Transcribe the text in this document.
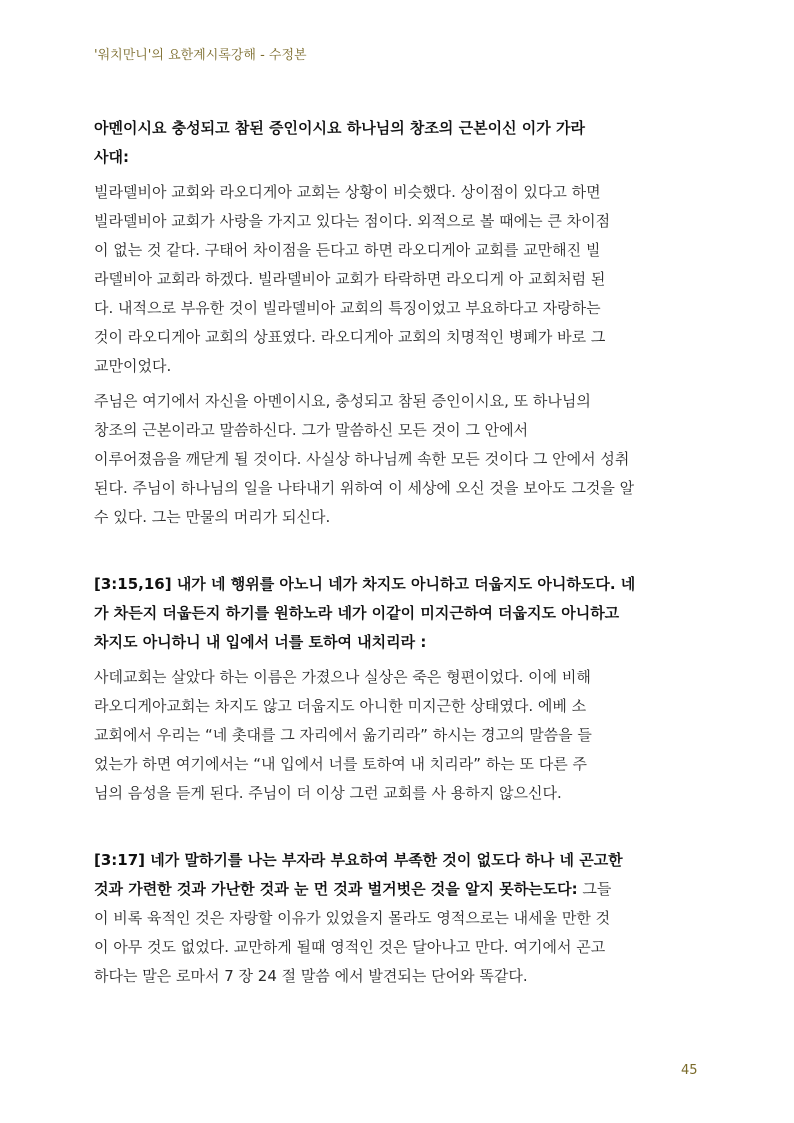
'워치만니'의 요한계시록강해 - 수정본
아멘이시요 충성되고 참된 증인이시요 하나님의 창조의 근본이신 이가 가라
사대:
빌라델비아 교회와 라오디게아 교회는 상황이 비슷했다. 상이점이 있다고 하면
빌라델비아 교회가 사랑을 가지고 있다는 점이다. 외적으로 볼 때에는 큰 차이점
이 없는 것 같다. 구태어 차이점을 든다고 하면 라오디게아 교회를 교만해진 빌
라델비아 교회라 하겠다. 빌라델비아 교회가 타락하면 라오디게 아 교회처럼 된
다. 내적으로 부유한 것이 빌라델비아 교회의 특징이었고 부요하다고 자랑하는
것이 라오디게아 교회의 상표였다. 라오디게아 교회의 치명적인 병폐가 바로 그
교만이었다.
주님은 여기에서 자신을 아멘이시요, 충성되고 참된 증인이시요, 또 하나님의
창조의 근본이라고 말씀하신다. 그가 말씀하신 모든 것이 그 안에서
이루어졌음을 깨닫게 될 것이다. 사실상 하나님께 속한 모든 것이다 그 안에서 성취
된다. 주님이 하나님의 일을 나타내기 위하여 이 세상에 오신 것을 보아도 그것을 알
수 있다. 그는 만물의 머리가 되신다.
[3:15,16] 내가 네 행위를 아노니 네가 차지도 아니하고 더웁지도 아니하도다. 네
가 차든지 더웁든지 하기를 원하노라 네가 이같이 미지근하여 더웁지도 아니하고
차지도 아니하니 내 입에서 너를 토하여 내치리라 :
사데교회는 살았다 하는 이름은 가졌으나 실상은 죽은 형편이었다. 이에 비해
라오디게아교회는 차지도 않고 더웁지도 아니한 미지근한 상태였다. 에베 소
교회에서 우리는 “네 촛대를 그 자리에서 옮기리라” 하시는 경고의 말씀을 들
었는가 하면 여기에서는 “내 입에서 너를 토하여 내 치리라” 하는 또 다른 주
님의 음성을 듣게 된다. 주님이 더 이상 그런 교회를 사 용하지 않으신다.
[3:17] 네가 말하기를 나는 부자라 부요하여 부족한 것이 없도다 하나 네 곤고한
것과 가련한 것과 가난한 것과 눈 먼 것과 벌거벗은 것을 알지 못하는도다: 그들
이 비록 육적인 것은 자랑할 이유가 있었을지 몰라도 영적으로는 내세울 만한 것
이 아무 것도 없었다. 교만하게 될때 영적인 것은 달아나고 만다. 여기에서 곤고
하다는 말은 로마서 7 장 24 절 말씀 에서 발견되는 단어와 똑같다.
45
